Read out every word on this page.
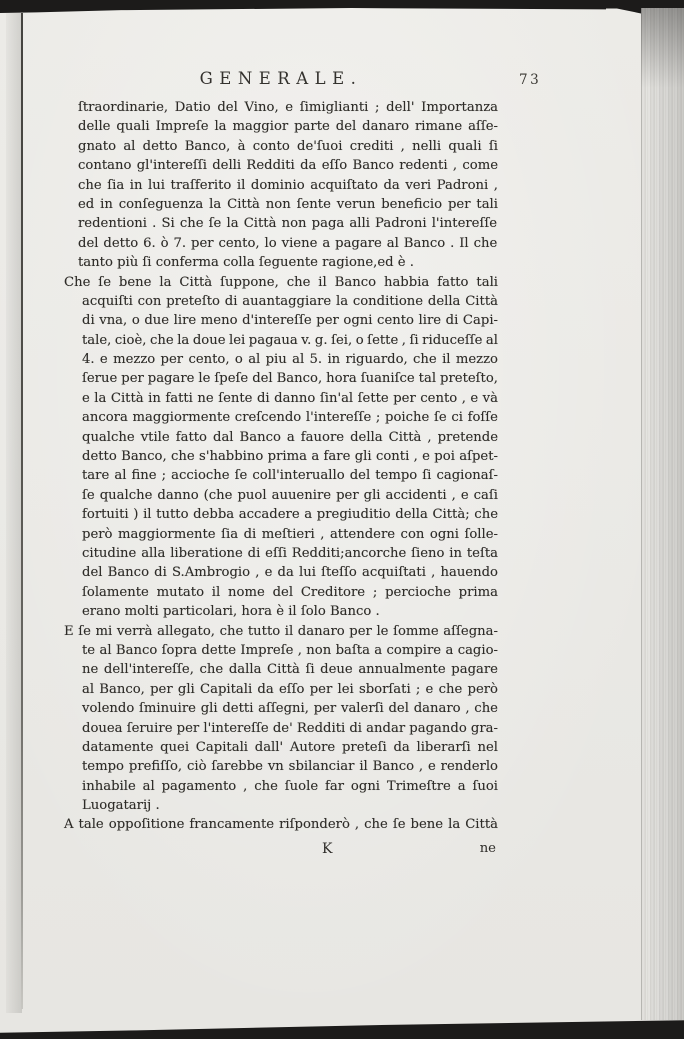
GENERALE.	73
ſtraordinarie, Datio del Vino, e ſimiglianti ; dell' Importanza
delle quali Impreſe la maggior parte del danaro rimane aſſe-
gnato al detto Banco, à conto de'ſuoi crediti , nelli quali ſi
contano gl'intereſſi delli Redditi da eſſo Banco redenti , come
che ſia in lui traſferito il dominio acquiſtato da veri Padroni ,
ed in conſeguenza la Città non ſente verun beneficio per tali
redentioni . Si che ſe la Città non paga alli Padroni l'intereſſe
del detto 6. ò 7. per cento, lo viene a pagare al Banco . Il che
tanto più ſi conferma colla ſeguente ragione,ed è .
Che ſe bene la Città ſuppone, che il Banco habbia fatto tali
acquiſti con preteſto di auantaggiare la conditione della Città
di vna, o due lire meno d'intereſſe per ogni cento lire di Capi-
tale, cioè, che la doue lei pagaua v. g. ſei, o ſette , ſi riduceſſe al
4. e mezzo per cento, o al piu al 5. in riguardo, che il mezzo
ſerue per pagare le ſpeſe del Banco, hora ſuaniſce tal preteſto,
e la Città in fatti ne ſente di danno ſin'al ſette per cento , e và
ancora maggiormente creſcendo l'intereſſe ; poiche ſe ci foſſe
qualche vtile fatto dal Banco a fauore della Città , pretende
detto Banco, che s'habbino prima a fare gli conti , e poi aſpet-
tare al fine ; accioche ſe coll'interuallo del tempo ſi cagionaſ-
ſe qualche danno (che puol auuenire per gli accidenti , e caſi
fortuiti ) il tutto debba accadere a pregiuditio della Città; che
però maggiormente ſia di meſtieri , attendere con ogni ſolle-
citudine alla liberatione di eſſi Redditi;ancorche ſieno in teſta
del Banco di S.Ambrogio , e da lui ſteſſo acquiſtati , hauendo
ſolamente mutato il nome del Creditore ; percioche prima
erano molti particolari, hora è il ſolo Banco .
E ſe mi verrà allegato, che tutto il danaro per le ſomme aſſegna-
te al Banco ſopra dette Impreſe , non baſta a compire a cagio-
ne dell'intereſſe, che dalla Città ſi deue annualmente pagare
al Banco, per gli Capitali da eſſo per lei sborſati ; e che però
volendo ſminuire gli detti aſſegni, per valerſi del danaro , che
douea ſeruire per l'intereſſe de' Redditi di andar pagando gra-
datamente quei Capitali dall' Autore preteſi da liberarſi nel
tempo prefiſſo, ciò ſarebbe vn sbilanciar il Banco , e renderlo
inhabile al pagamento , che ſuole far ogni Trimeſtre a ſuoi
Luogatarij .
A tale oppoſitione francamente riſponderò , che ſe bene la Città
K	ne
